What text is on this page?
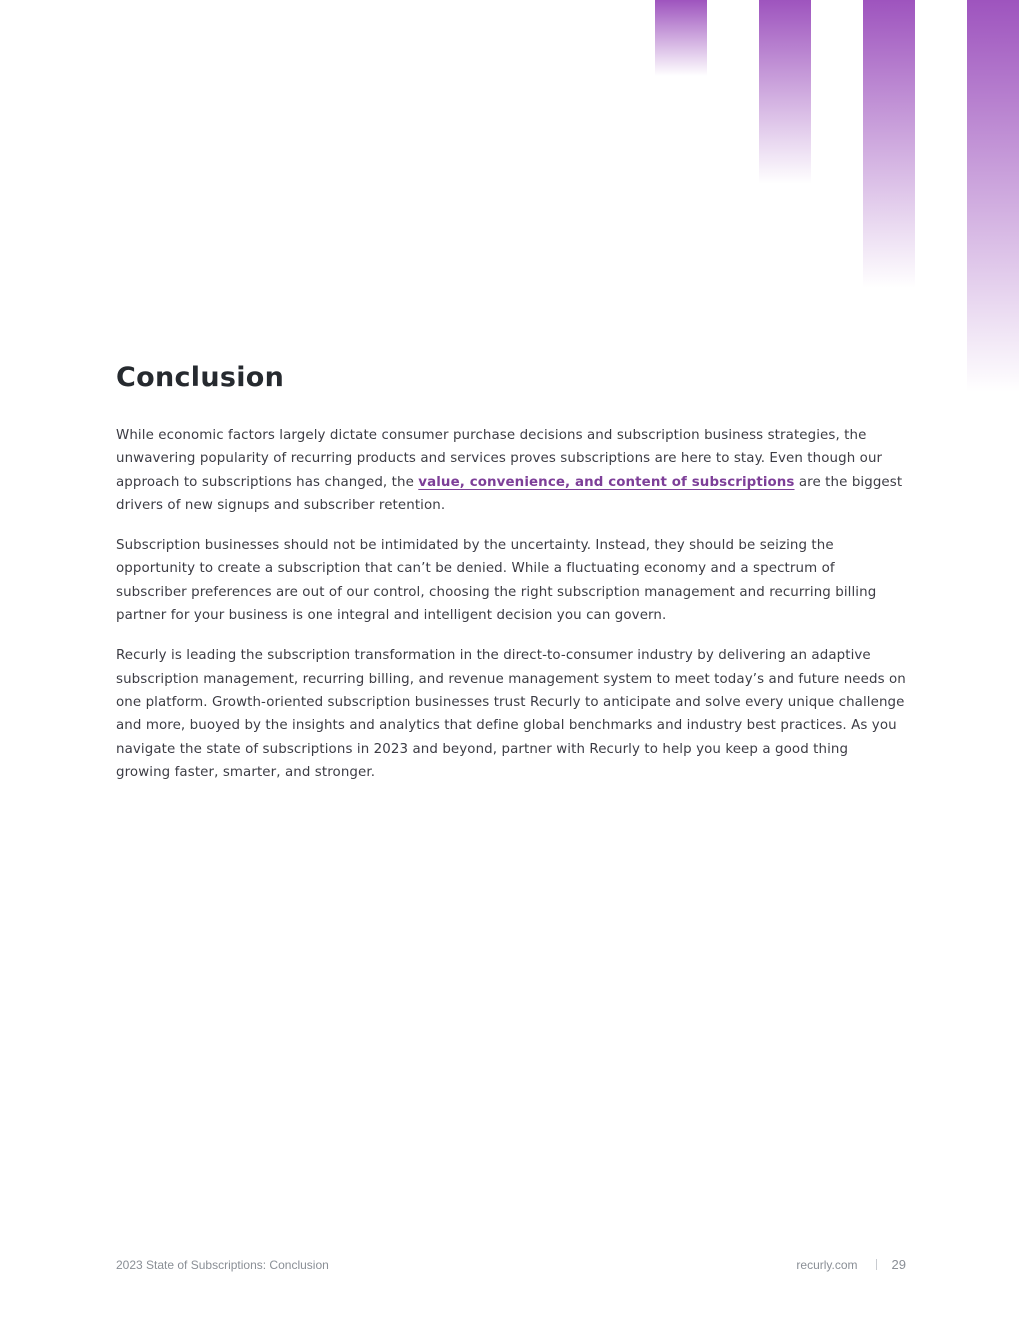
Conclusion

While economic factors largely dictate consumer purchase decisions and subscription business strategies, the unwavering popularity of recurring products and services proves subscriptions are here to stay. Even though our approach to subscriptions has changed, the value, convenience, and content of subscriptions are the biggest drivers of new signups and subscriber retention.

Subscription businesses should not be intimidated by the uncertainty. Instead, they should be seizing the opportunity to create a subscription that can’t be denied. While a fluctuating economy and a spectrum of subscriber preferences are out of our control, choosing the right subscription management and recurring billing partner for your business is one integral and intelligent decision you can govern.

Recurly is leading the subscription transformation in the direct-to-consumer industry by delivering an adaptive subscription management, recurring billing, and revenue management system to meet today’s and future needs on one platform. Growth-oriented subscription businesses trust Recurly to anticipate and solve every unique challenge and more, buoyed by the insights and analytics that define global benchmarks and industry best practices. As you navigate the state of subscriptions in 2023 and beyond, partner with Recurly to help you keep a good thing growing faster, smarter, and stronger.

2023 State of Subscriptions: Conclusion	recurly.com	29
